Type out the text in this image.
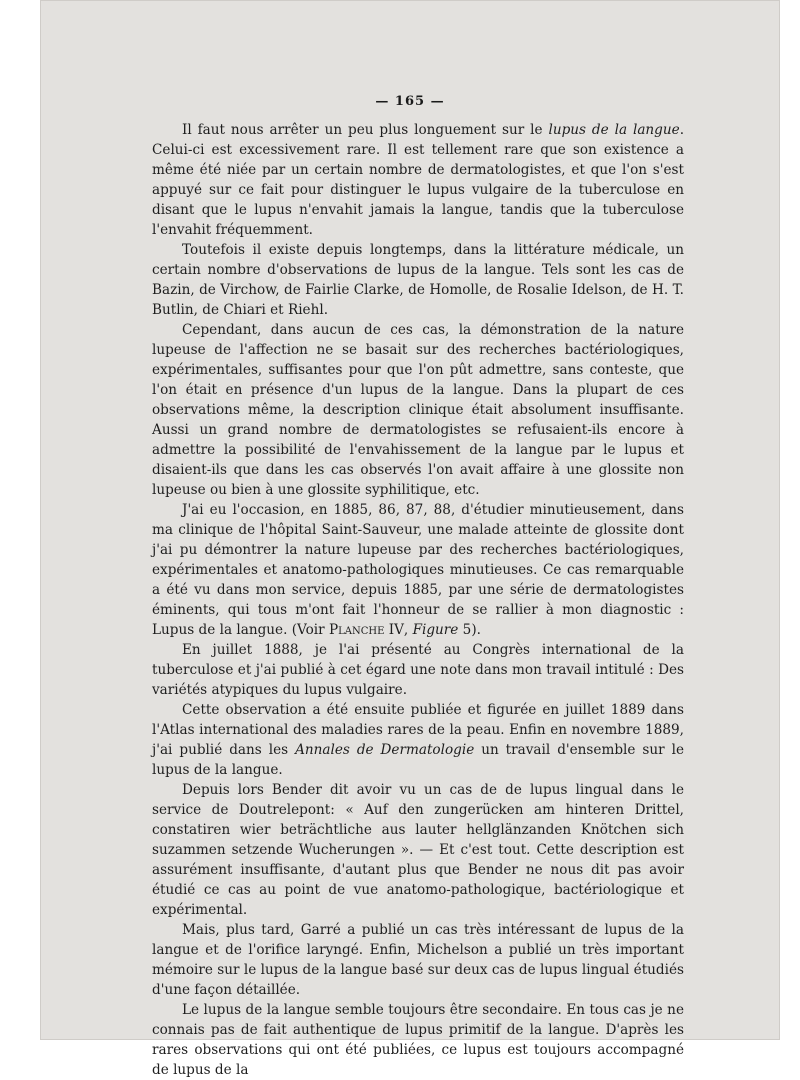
— 165 —

Il faut nous arrêter un peu plus longuement sur le lupus de la langue. Celui-ci est excessivement rare. Il est tellement rare que son existence a même été niée par un certain nombre de dermatologistes, et que l'on s'est appuyé sur ce fait pour distinguer le lupus vulgaire de la tuberculose en disant que le lupus n'envahit jamais la langue, tandis que la tuberculose l'envahit fréquemment.

Toutefois il existe depuis longtemps, dans la littérature médicale, un certain nombre d'observations de lupus de la langue. Tels sont les cas de Bazin, de Virchow, de Fairlie Clarke, de Homolle, de Rosalie Idelson, de H. T. Butlin, de Chiari et Riehl.

Cependant, dans aucun de ces cas, la démonstration de la nature lupeuse de l'affection ne se basait sur des recherches bactériologiques, expérimentales, suffisantes pour que l'on pût admettre, sans conteste, que l'on était en présence d'un lupus de la langue. Dans la plupart de ces observations même, la description clinique était absolument insuffisante. Aussi un grand nombre de dermatologistes se refusaient-ils encore à admettre la possibilité de l'envahissement de la langue par le lupus et disaient-ils que dans les cas observés l'on avait affaire à une glossite non lupeuse ou bien à une glossite syphilitique, etc.

J'ai eu l'occasion, en 1885, 86, 87, 88, d'étudier minutieusement, dans ma clinique de l'hôpital Saint-Sauveur, une malade atteinte de glossite dont j'ai pu démontrer la nature lupeuse par des recherches bactériologiques, expérimentales et anatomo-pathologiques minutieuses. Ce cas remarquable a été vu dans mon service, depuis 1885, par une série de dermatologistes éminents, qui tous m'ont fait l'honneur de se rallier à mon diagnostic : Lupus de la langue. (Voir Planche IV, Figure 5).

En juillet 1888, je l'ai présenté au Congrès international de la tuberculose et j'ai publié à cet égard une note dans mon travail intitulé : Des variétés atypiques du lupus vulgaire.

Cette observation a été ensuite publiée et figurée en juillet 1889 dans l'Atlas international des maladies rares de la peau. Enfin en novembre 1889, j'ai publié dans les Annales de Dermatologie un travail d'ensemble sur le lupus de la langue.

Depuis lors Bender dit avoir vu un cas de de lupus lingual dans le service de Doutrelepont: « Auf den zungerücken am hinteren Drittel, constatiren wier beträchtliche aus lauter hellglänzanden Knötchen sich suzammen setzende Wucherungen ». — Et c'est tout. Cette description est assurément insuffisante, d'autant plus que Bender ne nous dit pas avoir étudié ce cas au point de vue anatomo-pathologique, bactériologique et expérimental.

Mais, plus tard, Garré a publié un cas très intéressant de lupus de la langue et de l'orifice laryngé. Enfin, Michelson a publié un très important mémoire sur le lupus de la langue basé sur deux cas de lupus lingual étudiés d'une façon détaillée.

Le lupus de la langue semble toujours être secondaire. En tous cas je ne connais pas de fait authentique de lupus primitif de la langue. D'après les rares observations qui ont été publiées, ce lupus est toujours accompagné de lupus de la
